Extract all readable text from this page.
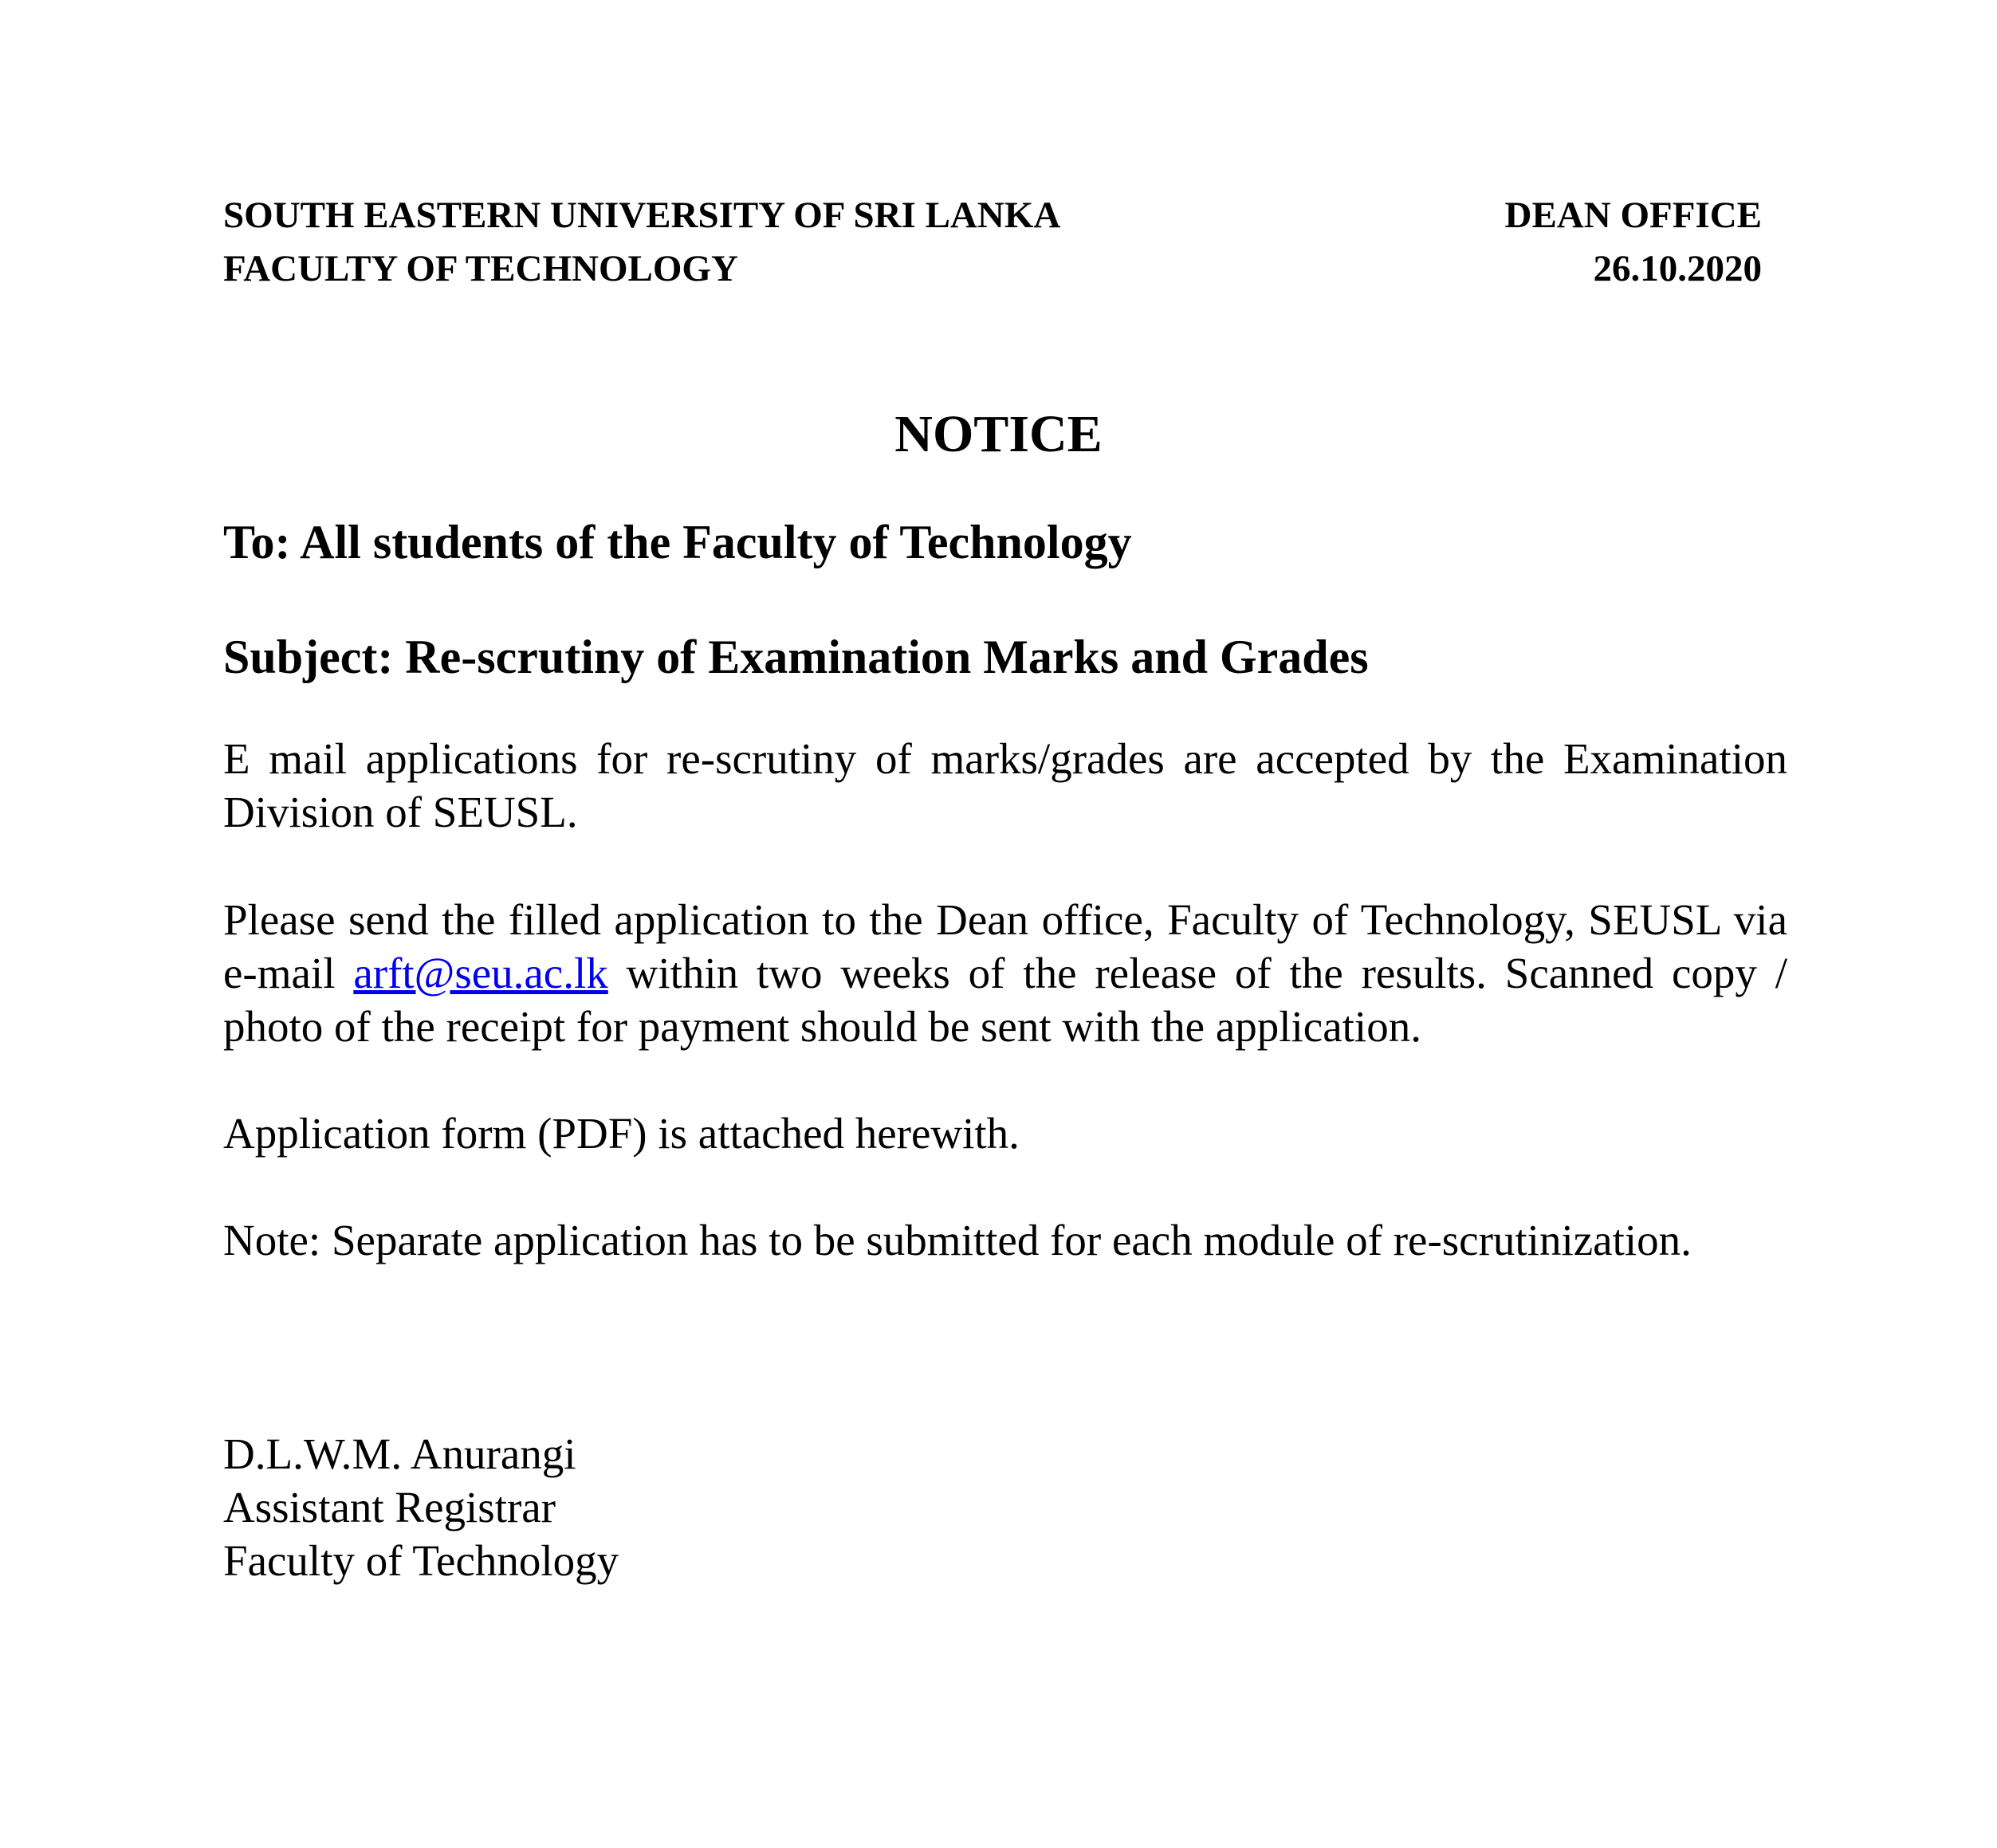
SOUTH EASTERN UNIVERSITY OF SRI LANKA
FACULTY OF TECHNOLOGY
DEAN OFFICE
26.10.2020
NOTICE
To: All students of the Faculty of Technology
Subject: Re-scrutiny of Examination Marks and Grades

E mail applications for re-scrutiny of marks/grades are accepted by the Examination Division of SEUSL.

Please send the filled application to the Dean office, Faculty of Technology, SEUSL via e-mail arft@seu.ac.lk within two weeks of the release of the results. Scanned copy / photo of the receipt for payment should be sent with the application.

Application form (PDF) is attached herewith.

Note: Separate application has to be submitted for each module of re-scrutinization.

D.L.W.M. Anurangi
Assistant Registrar
Faculty of Technology
